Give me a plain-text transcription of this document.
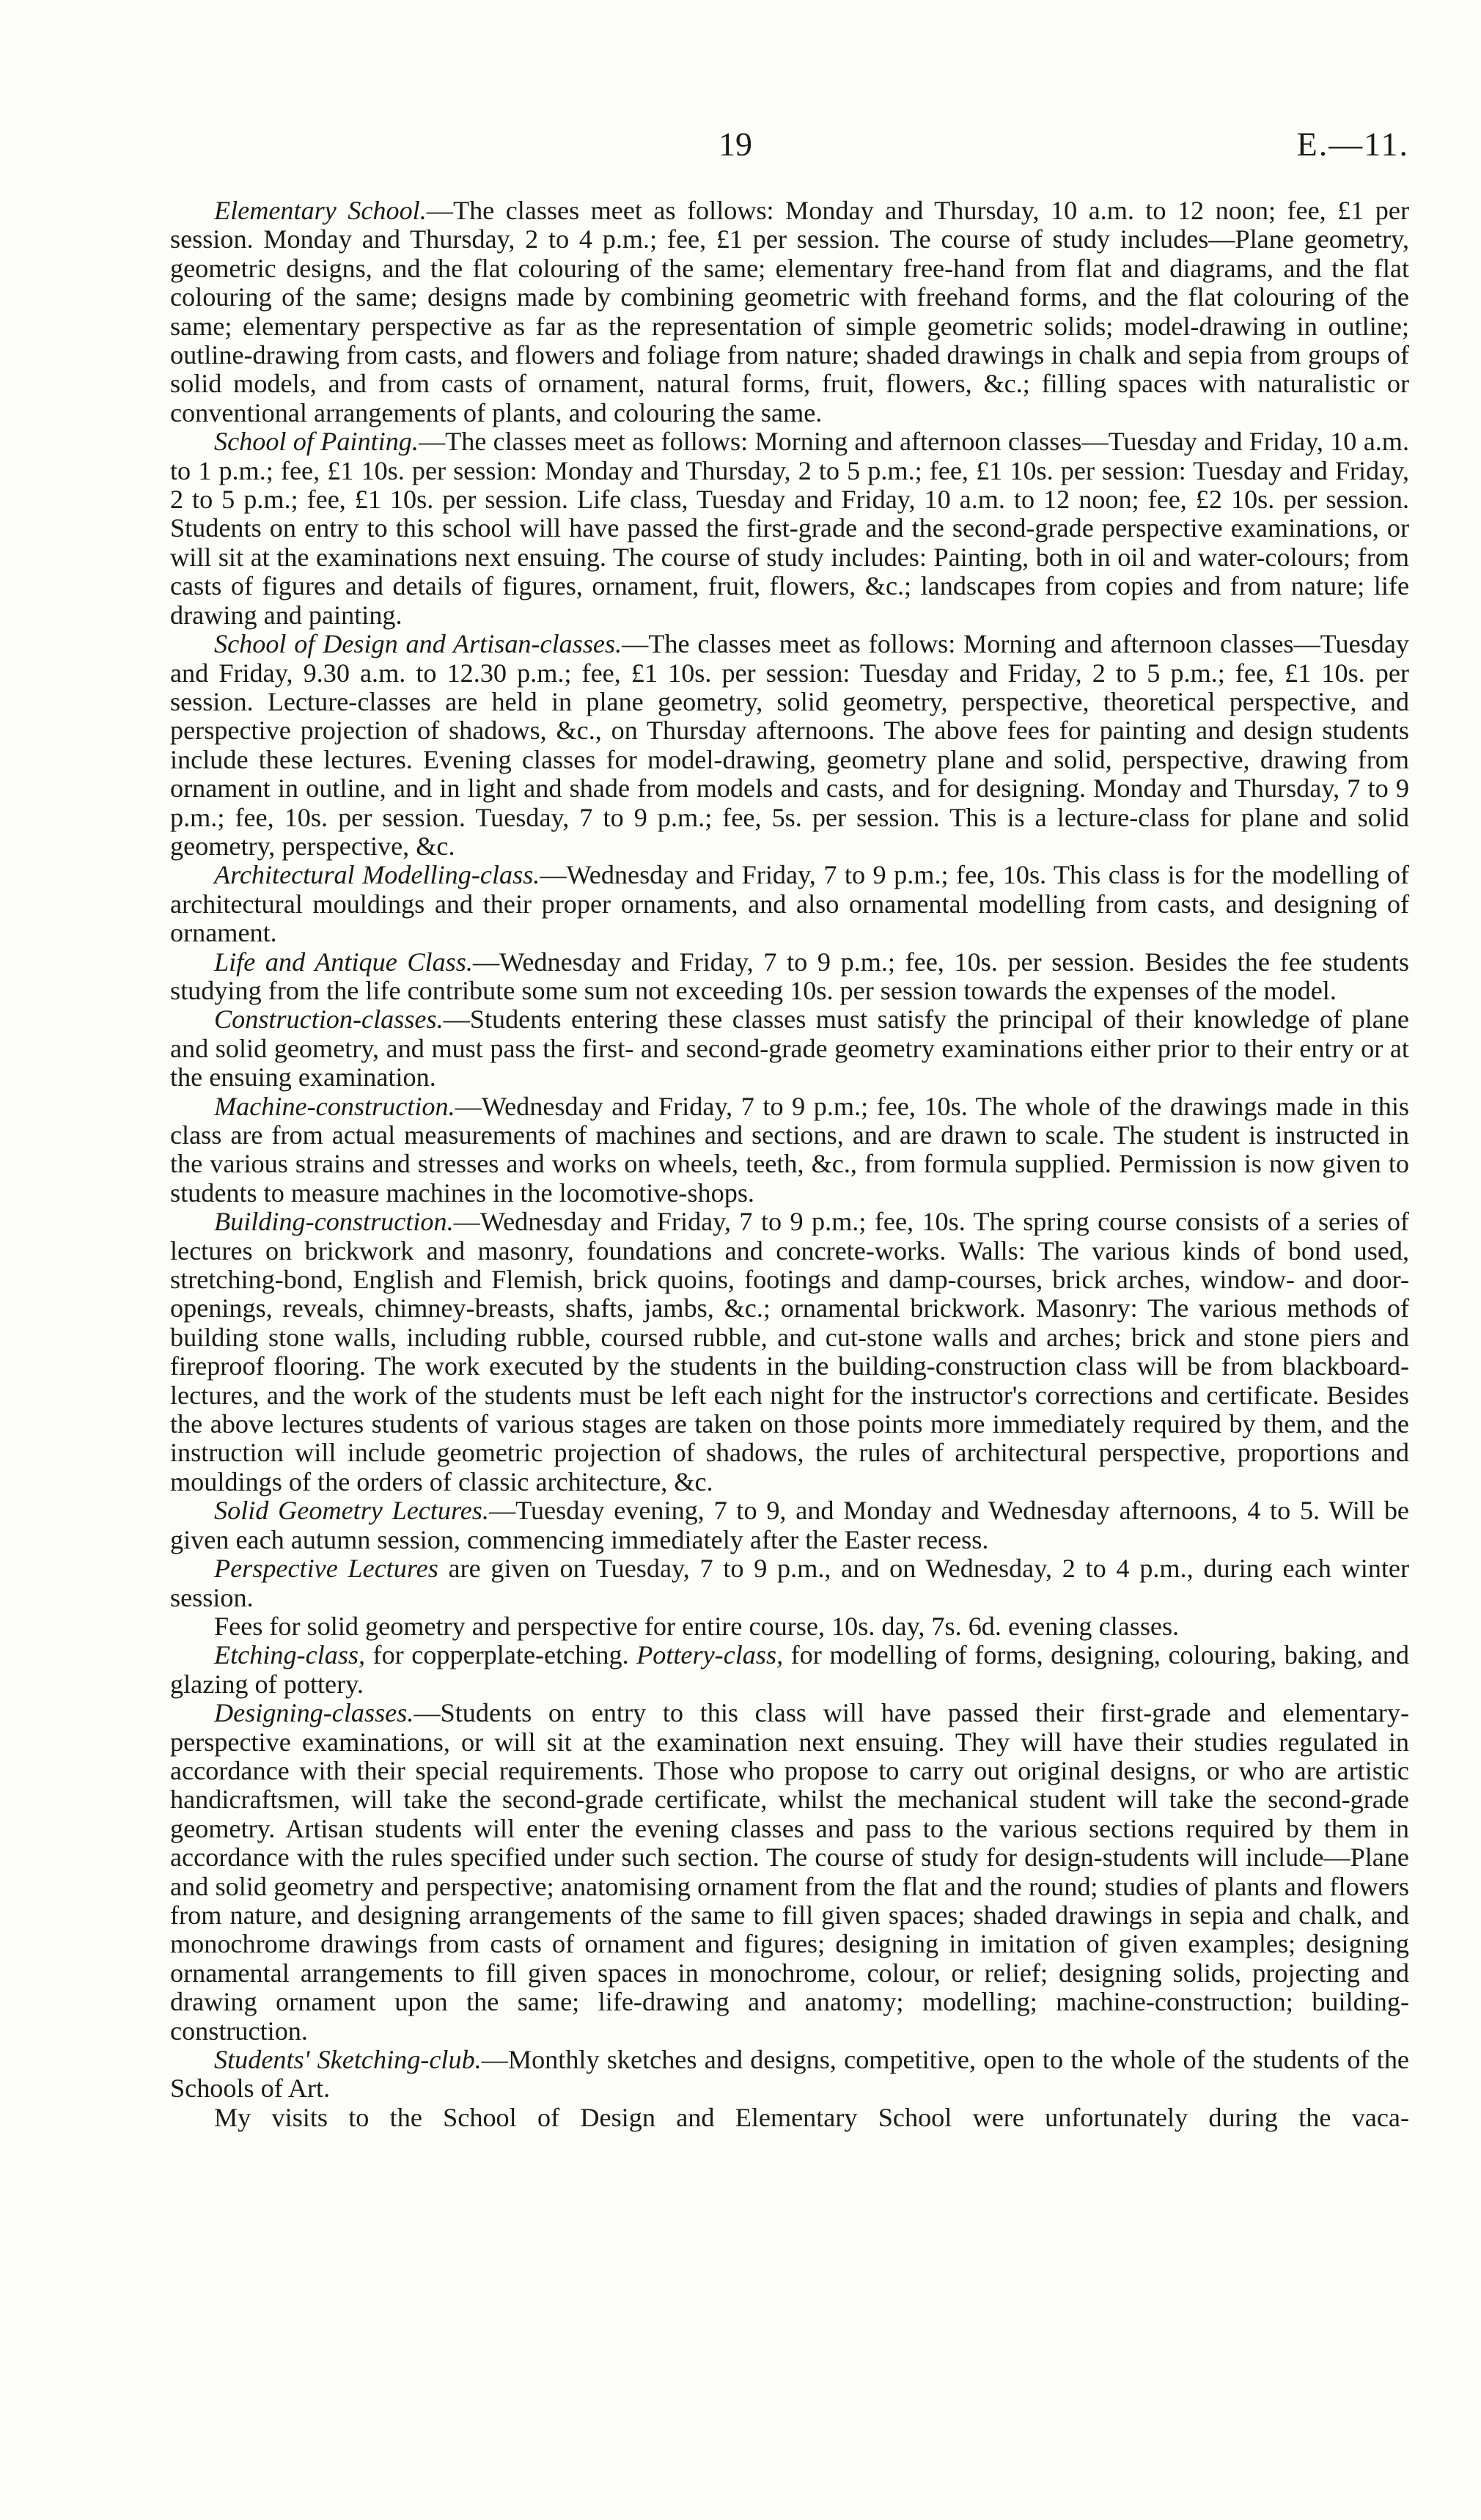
19	E.—11.

Elementary School.—The classes meet as follows: Monday and Thursday, 10 a.m. to 12 noon; fee, £1 per session. Monday and Thursday, 2 to 4 p.m.; fee, £1 per session. The course of study includes—Plane geometry, geometric designs, and the flat colouring of the same; elementary free-hand from flat and diagrams, and the flat colouring of the same; designs made by combining geometric with freehand forms, and the flat colouring of the same; elementary perspective as far as the representation of simple geometric solids; model-drawing in outline; outline-drawing from casts, and flowers and foliage from nature; shaded drawings in chalk and sepia from groups of solid models, and from casts of ornament, natural forms, fruit, flowers, &c.; filling spaces with naturalistic or conventional arrangements of plants, and colouring the same.

School of Painting.—The classes meet as follows: Morning and afternoon classes—Tuesday and Friday, 10 a.m. to 1 p.m.; fee, £1 10s. per session: Monday and Thursday, 2 to 5 p.m.; fee, £1 10s. per session: Tuesday and Friday, 2 to 5 p.m.; fee, £1 10s. per session. Life class, Tuesday and Friday, 10 a.m. to 12 noon; fee, £2 10s. per session. Students on entry to this school will have passed the first-grade and the second-grade perspective examinations, or will sit at the examinations next ensuing. The course of study includes: Painting, both in oil and water-colours; from casts of figures and details of figures, ornament, fruit, flowers, &c.; landscapes from copies and from nature; life drawing and painting.

School of Design and Artisan-classes.—The classes meet as follows: Morning and afternoon classes—Tuesday and Friday, 9.30 a.m. to 12.30 p.m.; fee, £1 10s. per session: Tuesday and Friday, 2 to 5 p.m.; fee, £1 10s. per session. Lecture-classes are held in plane geometry, solid geometry, perspective, theoretical perspective, and perspective projection of shadows, &c., on Thursday afternoons. The above fees for painting and design students include these lectures. Evening classes for model-drawing, geometry plane and solid, perspective, drawing from ornament in outline, and in light and shade from models and casts, and for designing. Monday and Thursday, 7 to 9 p.m.; fee, 10s. per session. Tuesday, 7 to 9 p.m.; fee, 5s. per session. This is a lecture-class for plane and solid geometry, perspective, &c.

Architectural Modelling-class.—Wednesday and Friday, 7 to 9 p.m.; fee, 10s. This class is for the modelling of architectural mouldings and their proper ornaments, and also ornamental modelling from casts, and designing of ornament.

Life and Antique Class.—Wednesday and Friday, 7 to 9 p.m.; fee, 10s. per session. Besides the fee students studying from the life contribute some sum not exceeding 10s. per session towards the expenses of the model.

Construction-classes.—Students entering these classes must satisfy the principal of their knowledge of plane and solid geometry, and must pass the first- and second-grade geometry examinations either prior to their entry or at the ensuing examination.

Machine-construction.—Wednesday and Friday, 7 to 9 p.m.; fee, 10s. The whole of the drawings made in this class are from actual measurements of machines and sections, and are drawn to scale. The student is instructed in the various strains and stresses and works on wheels, teeth, &c., from formula supplied. Permission is now given to students to measure machines in the locomotive-shops.

Building-construction.—Wednesday and Friday, 7 to 9 p.m.; fee, 10s. The spring course consists of a series of lectures on brickwork and masonry, foundations and concrete-works. Walls: The various kinds of bond used, stretching-bond, English and Flemish, brick quoins, footings and damp-courses, brick arches, window- and door-openings, reveals, chimney-breasts, shafts, jambs, &c.; ornamental brickwork. Masonry: The various methods of building stone walls, including rubble, coursed rubble, and cut-stone walls and arches; brick and stone piers and fireproof flooring. The work executed by the students in the building-construction class will be from blackboard-lectures, and the work of the students must be left each night for the instructor's corrections and certificate. Besides the above lectures students of various stages are taken on those points more immediately required by them, and the instruction will include geometric projection of shadows, the rules of architectural perspective, proportions and mouldings of the orders of classic architecture, &c.

Solid Geometry Lectures.—Tuesday evening, 7 to 9, and Monday and Wednesday afternoons, 4 to 5. Will be given each autumn session, commencing immediately after the Easter recess.

Perspective Lectures are given on Tuesday, 7 to 9 p.m., and on Wednesday, 2 to 4 p.m., during each winter session.

Fees for solid geometry and perspective for entire course, 10s. day, 7s. 6d. evening classes.

Etching-class, for copperplate-etching. Pottery-class, for modelling of forms, designing, colouring, baking, and glazing of pottery.

Designing-classes.—Students on entry to this class will have passed their first-grade and elementary-perspective examinations, or will sit at the examination next ensuing. They will have their studies regulated in accordance with their special requirements. Those who propose to carry out original designs, or who are artistic handicraftsmen, will take the second-grade certificate, whilst the mechanical student will take the second-grade geometry. Artisan students will enter the evening classes and pass to the various sections required by them in accordance with the rules specified under such section. The course of study for design-students will include—Plane and solid geometry and perspective; anatomising ornament from the flat and the round; studies of plants and flowers from nature, and designing arrangements of the same to fill given spaces; shaded drawings in sepia and chalk, and monochrome drawings from casts of ornament and figures; designing in imitation of given examples; designing ornamental arrangements to fill given spaces in monochrome, colour, or relief; designing solids, projecting and drawing ornament upon the same; life-drawing and anatomy; modelling; machine-construction; building-construction.

Students' Sketching-club.—Monthly sketches and designs, competitive, open to the whole of the students of the Schools of Art.

My visits to the School of Design and Elementary School were unfortunately during the vaca-
